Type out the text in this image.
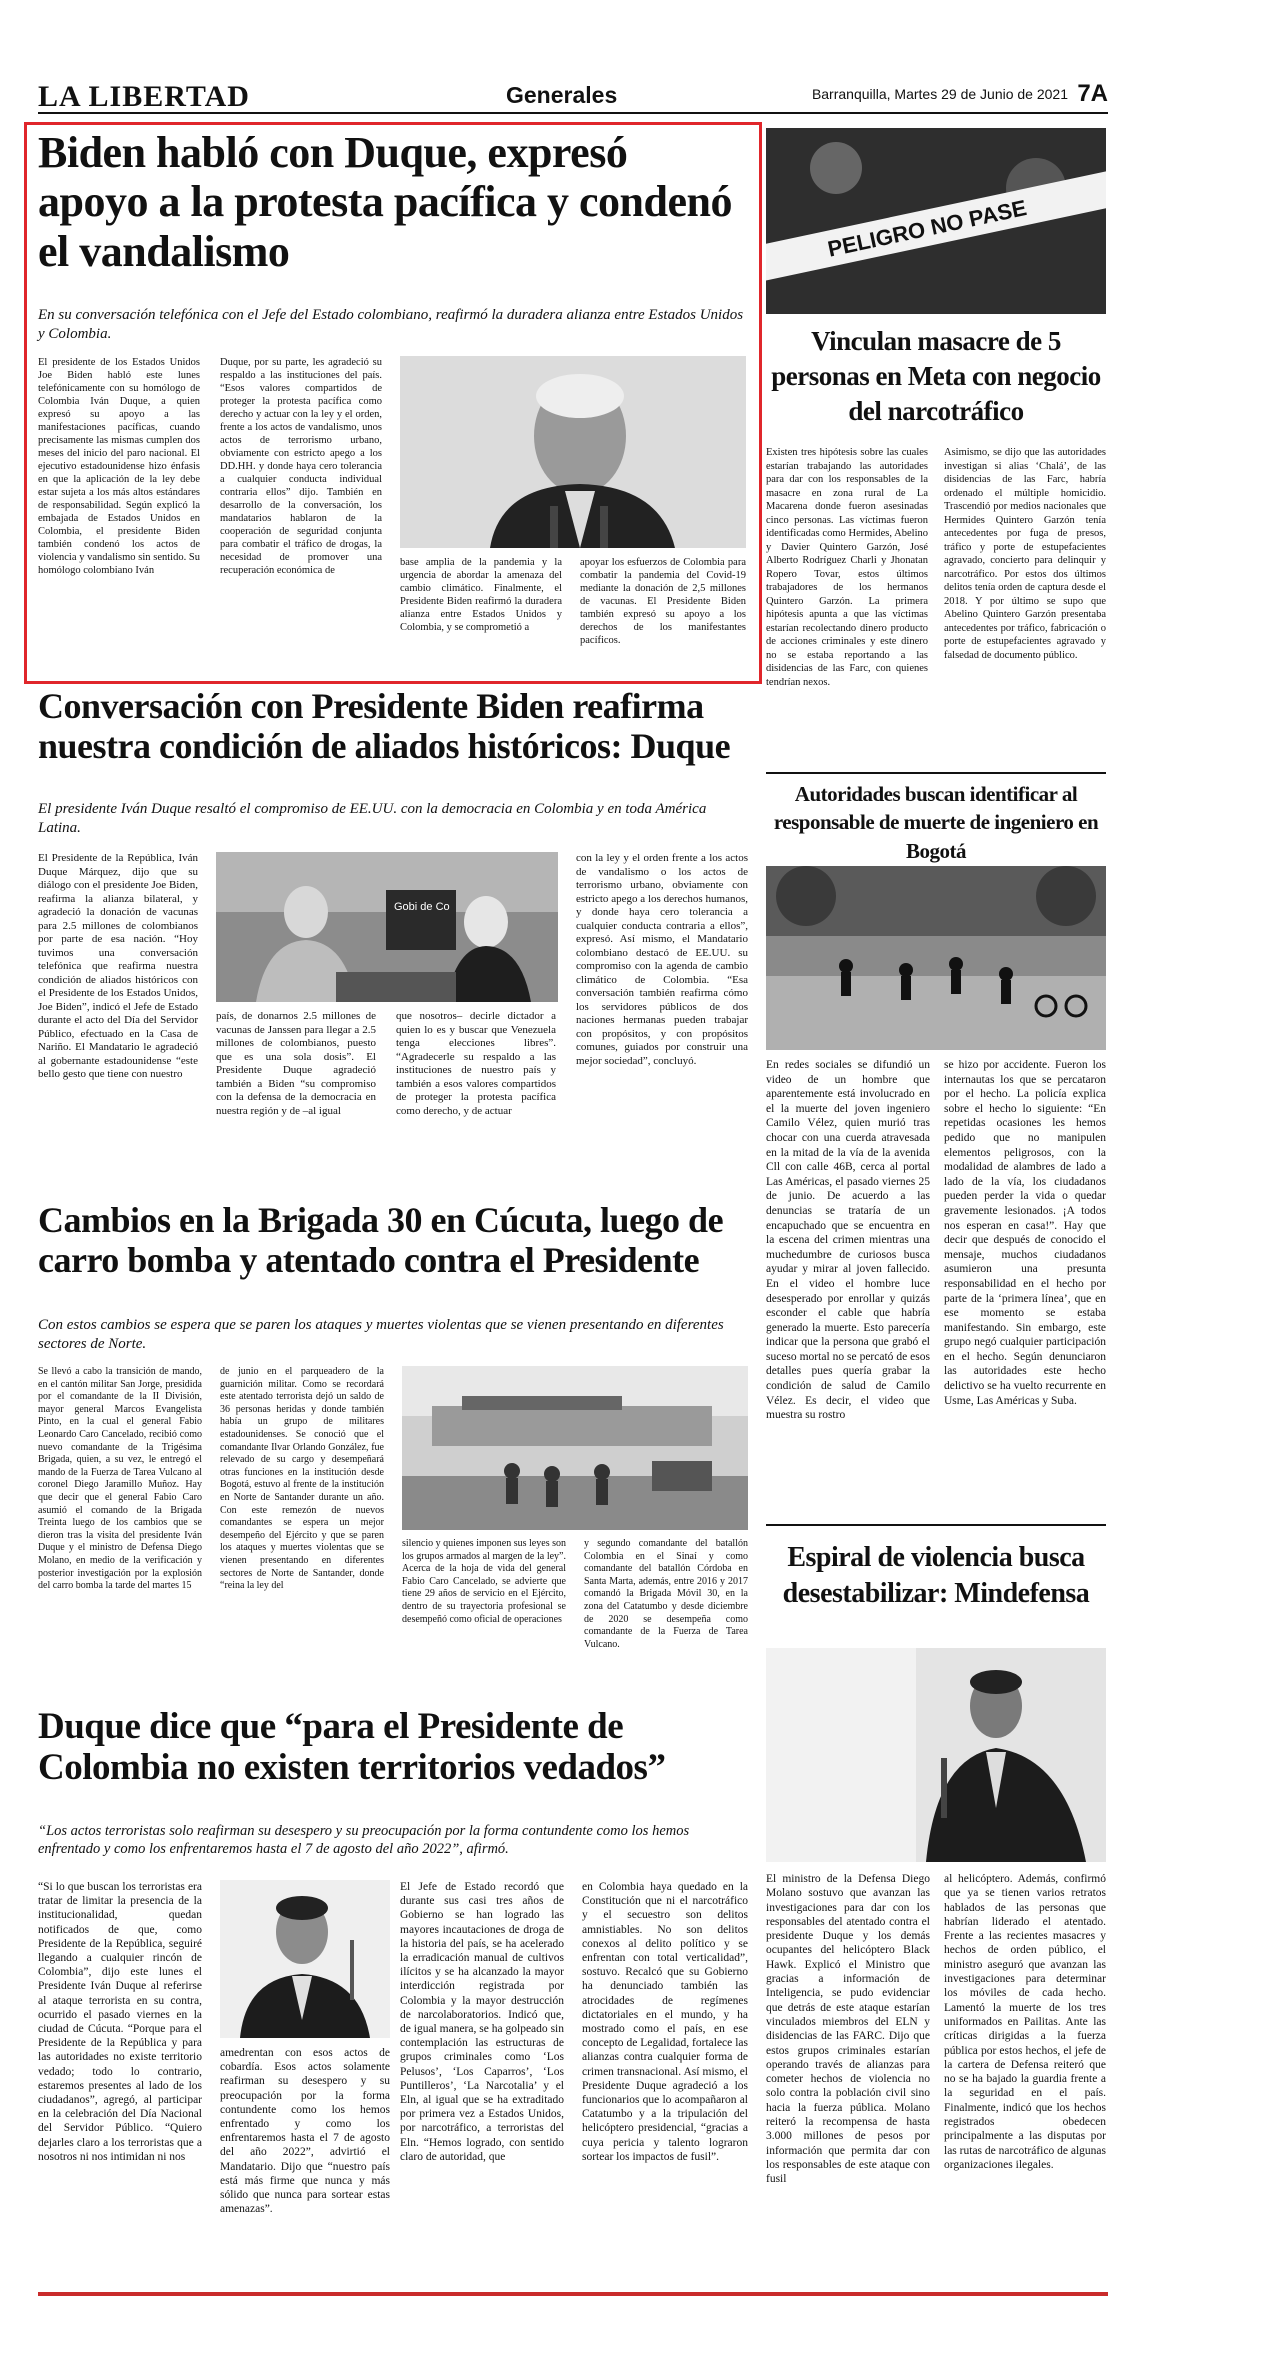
LA LIBERTAD	Generales	Barranquilla, Martes 29 de Junio de 2021 7A
Biden habló con Duque, expresó apoyo a la protesta pacífica y condenó el vandalismo
En su conversación telefónica con el Jefe del Estado colombiano, reafirmó la duradera alianza entre Estados Unidos y Colombia.
El presidente de los Estados Unidos Joe Biden habló este lunes telefónicamente con su homólogo de Colombia Iván Duque, a quien expresó su apoyo a las manifestaciones pacíficas, cuando precisamente las mismas cumplen dos meses del inicio del paro nacional. El ejecutivo estadounidense hizo énfasis en que la aplicación de la ley debe estar sujeta a los más altos estándares de responsabilidad. Según explicó la embajada de Estados Unidos en Colombia, el presidente Biden también condenó los actos de violencia y vandalismo sin sentido. Su homólogo colombiano Iván
Duque, por su parte, les agradeció su respaldo a las instituciones del país. “Esos valores compartidos de proteger la protesta pacífica como derecho y actuar con la ley y el orden, frente a los actos de vandalismo, unos actos de terrorismo urbano, obviamente con estricto apego a los DD.HH. y donde haya cero tolerancia a cualquier conducta individual contraria ellos” dijo. También en desarrollo de la conversación, los mandatarios hablaron de la cooperación de seguridad conjunta para combatir el tráfico de drogas, la necesidad de promover una recuperación económica de
base amplia de la pandemia y la urgencia de abordar la amenaza del cambio climático. Finalmente, el Presidente Biden reafirmó la duradera alianza entre Estados Unidos y Colombia, y se comprometió a
apoyar los esfuerzos de Colombia para combatir la pandemia del Covid-19 mediante la donación de 2,5 millones de vacunas. El Presidente Biden también expresó su apoyo a los derechos de los manifestantes pacíficos.
Conversación con Presidente Biden reafirma nuestra condición de aliados históricos: Duque
El presidente Iván Duque resaltó el compromiso de EE.UU. con la democracia en Colombia y en toda América Latina.
El Presidente de la República, Iván Duque Márquez, dijo que su diálogo con el presidente Joe Biden, reafirma la alianza bilateral, y agradeció la donación de vacunas para 2.5 millones de colombianos por parte de esa nación. “Hoy tuvimos una conversación telefónica que reafirma nuestra condición de aliados históricos con el Presidente de los Estados Unidos, Joe Biden”, indicó el Jefe de Estado durante el acto del Día del Servidor Público, efectuado en la Casa de Nariño. El Mandatario le agradeció al gobernante estadounidense “este bello gesto que tiene con nuestro
Gobi de Co
país, de donarnos 2.5 millones de vacunas de Janssen para llegar a 2.5 millones de colombianos, puesto que es una sola dosis”. El Presidente Duque agradeció también a Biden “su compromiso con la defensa de la democracia en nuestra región y de –al igual
que nosotros– decirle dictador a quien lo es y buscar que Venezuela tenga elecciones libres”. “Agradecerle su respaldo a las instituciones de nuestro país y también a esos valores compartidos de proteger la protesta pacífica como derecho, y de actuar
con la ley y el orden frente a los actos de vandalismo o los actos de terrorismo urbano, obviamente con estricto apego a los derechos humanos, y donde haya cero tolerancia a cualquier conducta contraria a ellos”, expresó. Así mismo, el Mandatario colombiano destacó de EE.UU. su compromiso con la agenda de cambio climático de Colombia. “Esa conversación también reafirma cómo los servidores públicos de dos naciones hermanas pueden trabajar con propósitos, y con propósitos comunes, guiados por construir una mejor sociedad”, concluyó.
Cambios en la Brigada 30 en Cúcuta, luego de carro bomba y atentado contra el Presidente
Con estos cambios se espera que se paren los ataques y muertes violentas que se vienen presentando en diferentes sectores de Norte.
Se llevó a cabo la transición de mando, en el cantón militar San Jorge, presidida por el comandante de la II División, mayor general Marcos Evangelista Pinto, en la cual el general Fabio Leonardo Caro Cancelado, recibió como nuevo comandante de la Trigésima Brigada, quien, a su vez, le entregó el mando de la Fuerza de Tarea Vulcano al coronel Diego Jaramillo Muñoz. Hay que decir que el general Fabio Caro asumió el comando de la Brigada Treinta luego de los cambios que se dieron tras la visita del presidente Iván Duque y el ministro de Defensa Diego Molano, en medio de la verificación y posterior investigación por la explosión del carro bomba la tarde del martes 15
de junio en el parqueadero de la guarnición militar. Como se recordará este atentado terrorista dejó un saldo de 36 personas heridas y donde también había un grupo de militares estadounidenses. Se conoció que el comandante Ilvar Orlando González, fue relevado de su cargo y desempeñará otras funciones en la institución desde Bogotá, estuvo al frente de la institución en Norte de Santander durante un año. Con este remezón de nuevos comandantes se espera un mejor desempeño del Ejército y que se paren los ataques y muertes violentas que se vienen presentando en diferentes sectores de Norte de Santander, donde “reina la ley del
silencio y quienes imponen sus leyes son los grupos armados al margen de la ley”. Acerca de la hoja de vida del general Fabio Caro Cancelado, se advierte que tiene 29 años de servicio en el Ejército, dentro de su trayectoria profesional se desempeñó como oficial de operaciones
y segundo comandante del batallón Colombia en el Sinaí y como comandante del batallón Córdoba en Santa Marta, además, entre 2016 y 2017 comandó la Brigada Móvil 30, en la zona del Catatumbo y desde diciembre de 2020 se desempeña como comandante de la Fuerza de Tarea Vulcano.
Duque dice que “para el Presidente de Colombia no existen territorios vedados”
“Los actos terroristas solo reafirman su desespero y su preocupación por la forma contundente como los hemos enfrentado y como los enfrentaremos hasta el 7 de agosto del año 2022”, afirmó.
“Si lo que buscan los terroristas era tratar de limitar la presencia de la institucionalidad, quedan notificados de que, como Presidente de la República, seguiré llegando a cualquier rincón de Colombia”, dijo este lunes el Presidente Iván Duque al referirse al ataque terrorista en su contra, ocurrido el pasado viernes en la ciudad de Cúcuta. “Porque para el Presidente de la República y para las autoridades no existe territorio vedado; todo lo contrario, estaremos presentes al lado de los ciudadanos”, agregó, al participar en la celebración del Día Nacional del Servidor Público. “Quiero dejarles claro a los terroristas que a nosotros ni nos intimidan ni nos
amedrentan con esos actos de cobardía. Esos actos solamente reafirman su desespero y su preocupación por la forma contundente como los hemos enfrentado y como los enfrentaremos hasta el 7 de agosto del año 2022”, advirtió el Mandatario. Dijo que “nuestro país está más firme que nunca y más sólido que nunca para sortear estas amenazas”.
El Jefe de Estado recordó que durante sus casi tres años de Gobierno se han logrado las mayores incautaciones de droga de la historia del país, se ha acelerado la erradicación manual de cultivos ilícitos y se ha alcanzado la mayor interdicción registrada por Colombia y la mayor destrucción de narcolaboratorios. Indicó que, de igual manera, se ha golpeado sin contemplación las estructuras de grupos criminales como ‘Los Pelusos’, ‘Los Caparros’, ‘Los Puntilleros’, ‘La Narcotalia’ y el Eln, al igual que se ha extraditado por primera vez a Estados Unidos, por narcotráfico, a terroristas del Eln. “Hemos logrado, con sentido claro de autoridad, que
en Colombia haya quedado en la Constitución que ni el narcotráfico y el secuestro son delitos amnistiables. No son delitos conexos al delito político y se enfrentan con total verticalidad”, sostuvo. Recalcó que su Gobierno ha denunciado también las atrocidades de regímenes dictatoriales en el mundo, y ha mostrado como el país, en ese concepto de Legalidad, fortalece las alianzas contra cualquier forma de crimen transnacional. Así mismo, el Presidente Duque agradeció a los funcionarios que lo acompañaron al Catatumbo y a la tripulación del helicóptero presidencial, “gracias a cuya pericia y talento lograron sortear los impactos de fusil”.
PELIGRO NO PASE
Vinculan masacre de 5 personas en Meta con negocio del narcotráfico
Existen tres hipótesis sobre las cuales estarían trabajando las autoridades para dar con los responsables de la masacre en zona rural de La Macarena donde fueron asesinadas cinco personas. Las víctimas fueron identificadas como Hermides, Abelino y Davier Quintero Garzón, José Alberto Rodríguez Charli y Jhonatan Ropero Tovar, estos últimos trabajadores de los hermanos Quintero Garzón. La primera hipótesis apunta a que las víctimas estarían recolectando dinero producto de acciones criminales y este dinero no se estaba reportando a las disidencias de las Farc, con quienes tendrían nexos.
Asimismo, se dijo que las autoridades investigan si alias ‘Chalá’, de las disidencias de las Farc, habría ordenado el múltiple homicidio. Trascendió por medios nacionales que Hermides Quintero Garzón tenía antecedentes por fuga de presos, tráfico y porte de estupefacientes agravado, concierto para delinquir y narcotráfico. Por estos dos últimos delitos tenía orden de captura desde el 2018. Y por último se supo que Abelino Quintero Garzón presentaba antecedentes por tráfico, fabricación o porte de estupefacientes agravado y falsedad de documento público.
Autoridades buscan identificar al responsable de muerte de ingeniero en Bogotá
En redes sociales se difundió un video de un hombre que aparentemente está involucrado en el la muerte del joven ingeniero Camilo Vélez, quien murió tras chocar con una cuerda atravesada en la mitad de la vía de la avenida Cll con calle 46B, cerca al portal Las Américas, el pasado viernes 25 de junio. De acuerdo a las denuncias se trataría de un encapuchado que se encuentra en la escena del crimen mientras una muchedumbre de curiosos busca ayudar y mirar al joven fallecido. En el video el hombre luce desesperado por enrollar y quizás esconder el cable que habría generado la muerte. Esto parecería indicar que la persona que grabó el suceso mortal no se percató de esos detalles pues quería grabar la condición de salud de Camilo Vélez. Es decir, el video que muestra su rostro
se hizo por accidente. Fueron los internautas los que se percataron por el hecho. La policía explica sobre el hecho lo siguiente: “En repetidas ocasiones les hemos pedido que no manipulen elementos peligrosos, con la modalidad de alambres de lado a lado de la vía, los ciudadanos pueden perder la vida o quedar gravemente lesionados. ¡A todos nos esperan en casa!”. Hay que decir que después de conocido el mensaje, muchos ciudadanos asumieron una presunta responsabilidad en el hecho por parte de la ‘primera línea’, que en ese momento se estaba manifestando. Sin embargo, este grupo negó cualquier participación en el hecho. Según denunciaron las autoridades este hecho delictivo se ha vuelto recurrente en Usme, Las Américas y Suba.
Espiral de violencia busca desestabilizar: Mindefensa
El ministro de la Defensa Diego Molano sostuvo que avanzan las investigaciones para dar con los responsables del atentado contra el presidente Duque y los demás ocupantes del helicóptero Black Hawk. Explicó el Ministro que gracias a información de Inteligencia, se pudo evidenciar que detrás de este ataque estarían vinculados miembros del ELN y disidencias de las FARC. Dijo que estos grupos criminales estarían operando través de alianzas para cometer hechos de violencia no solo contra la población civil sino hacia la fuerza pública. Molano reiteró la recompensa de hasta 3.000 millones de pesos por información que permita dar con los responsables de este ataque con fusil
al helicóptero. Además, confirmó que ya se tienen varios retratos hablados de las personas que habrían liderado el atentado. Frente a las recientes masacres y hechos de orden público, el ministro aseguró que avanzan las investigaciones para determinar los móviles de cada hecho. Lamentó la muerte de los tres uniformados en Pailitas. Ante las críticas dirigidas a la fuerza pública por estos hechos, el jefe de la cartera de Defensa reiteró que no se ha bajado la guardia frente a la seguridad en el país. Finalmente, indicó que los hechos registrados obedecen principalmente a las disputas por las rutas de narcotráfico de algunas organizaciones ilegales.
